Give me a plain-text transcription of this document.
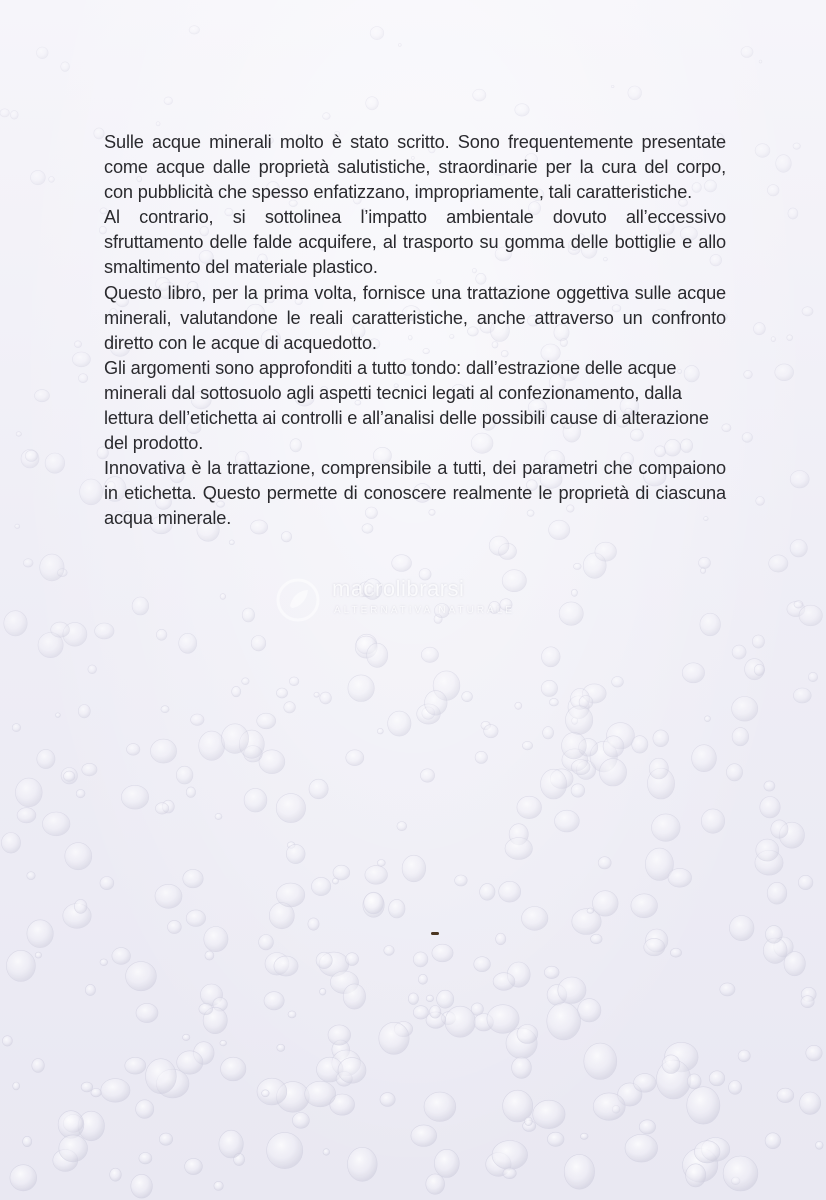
Sulle acque minerali molto è stato scritto. Sono frequentemente presentate come acque dalle proprietà salutistiche, straordinarie per la cura del corpo, con pubblicità che spesso enfatizzano, impropriamente, tali caratteristiche.

Al contrario, si sottolinea l’impatto ambientale dovuto all’eccessivo sfruttamento delle falde acquifere, al trasporto su gomma delle bottiglie e allo smaltimento del materiale plastico.

Questo libro, per la prima volta, fornisce una trattazione oggettiva sulle acque minerali, valutandone le reali caratteristiche, anche attraverso un confronto diretto con le acque di acquedotto.

Gli argomenti sono approfonditi a tutto tondo: dall’estrazione delle acque minerali dal sottosuolo agli aspetti tecnici legati al confezionamento, dalla lettura dell’etichetta ai controlli e all’analisi delle possibili cause di alterazione del prodotto.

Innovativa è la trattazione, comprensibile a tutti, dei parametri che compaiono in etichetta. Questo permette di conoscere realmente le proprietà di ciascuna acqua minerale.

macrolibrarsi
ALTERNATIVA NATURALE
